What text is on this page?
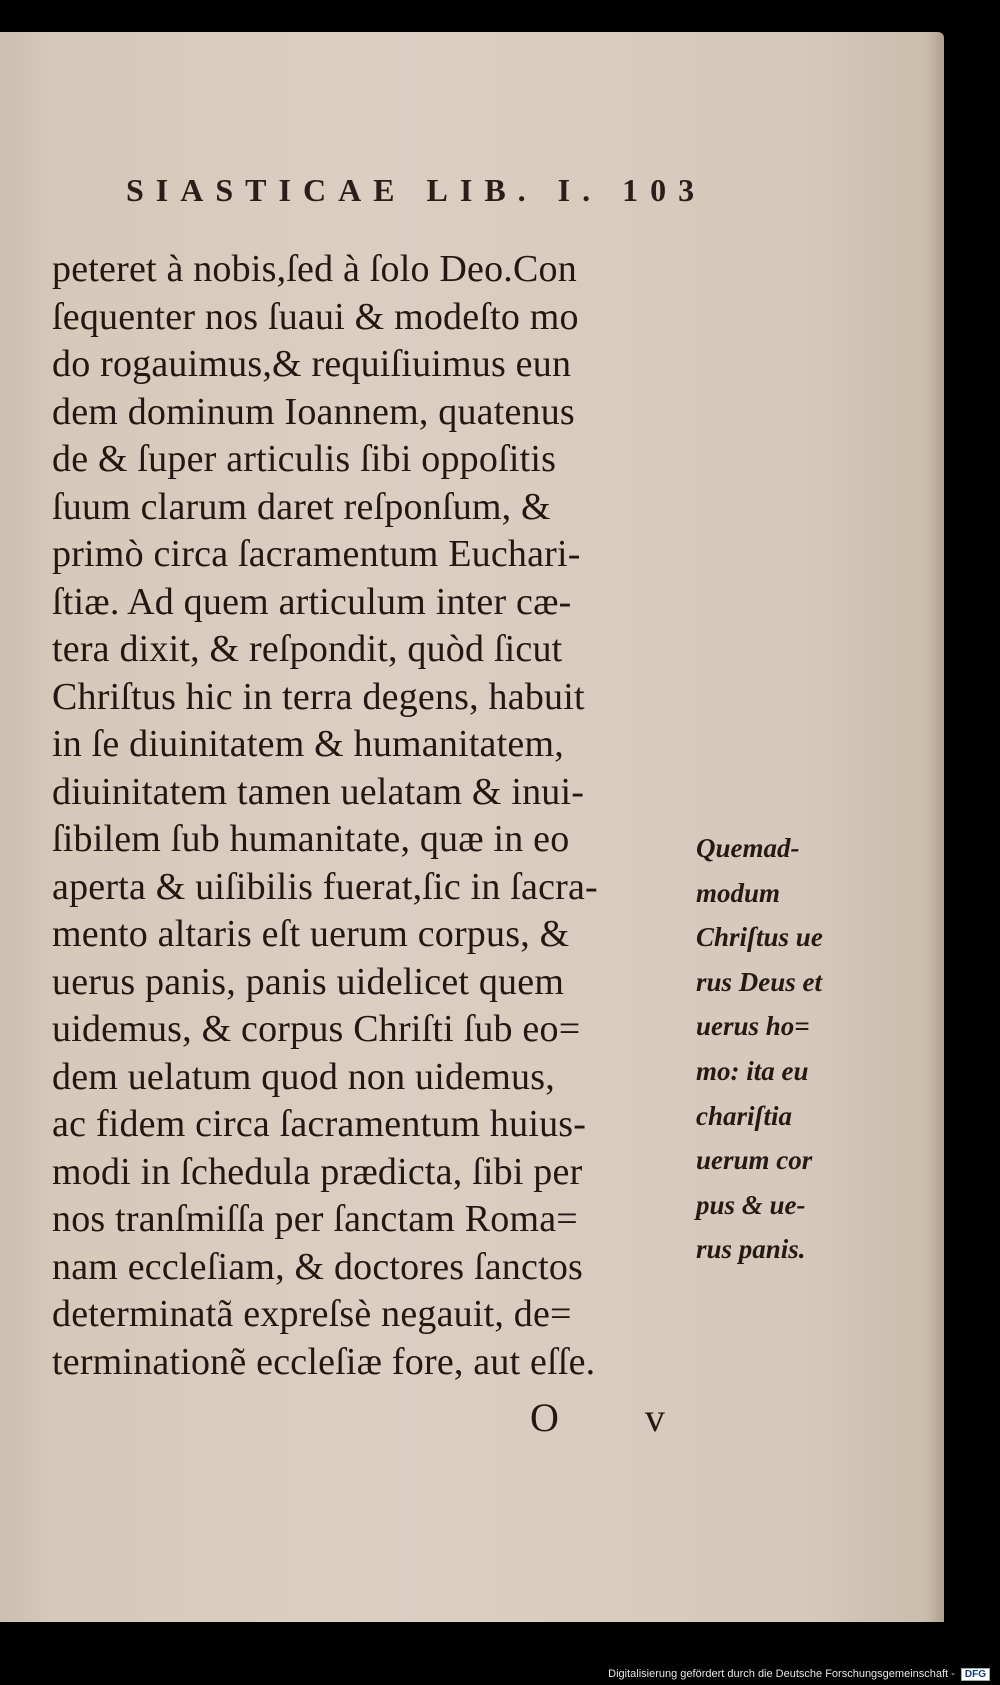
SIASTICAE LIB. I. 103
peteret à nobis,ſed à ſolo Deo.Con
ſequenter nos ſuaui & modeſto mo
do rogauimus,& requiſiuimus eun
dem dominum Ioannem, quatenus
de & ſuper articulis ſibi oppoſitis
ſuum clarum daret reſponſum, &
primò circa ſacramentum Euchari-
ſtiæ. Ad quem articulum inter cæ-
tera dixit, & reſpondit, quòd ſicut
Chriſtus hic in terra degens, habuit
in ſe diuinitatem & humanitatem,
diuinitatem tamen uelatam & inui-
ſibilem ſub humanitate, quæ in eo
aperta & uiſibilis fuerat,ſic in ſacra-
mento altaris eſt uerum corpus, &
uerus panis, panis uidelicet quem
uidemus, & corpus Chriſti ſub eo=
dem uelatum quod non uidemus,
ac fidem circa ſacramentum huius-
modi in ſchedula prædicta, ſibi per
nos tranſmiſſa per ſanctam Roma=
nam eccleſiam, & doctores ſanctos
determinatã expreſsè negauit, de=
terminationẽ eccleſiæ fore, aut eſſe.
Quemad-
modum
Chriſtus ue
rus Deus et
uerus ho=
mo: ita eu
chariſtia
uerum cor
pus & ue-
rus panis.
O v
Digitalisierung gefördert durch die Deutsche Forschungsgemeinschaft - DFG
